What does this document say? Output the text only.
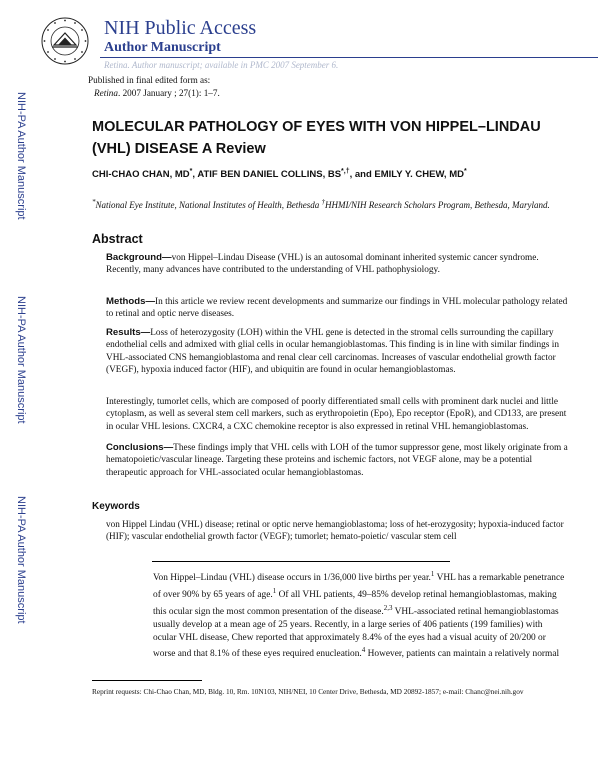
NIH Public Access
Author Manuscript
Retina. Author manuscript; available in PMC 2007 September 6.
NIH-PA Author Manuscript
NIH-PA Author Manuscript
NIH-PA Author Manuscript
Published in final edited form as:
Retina. 2007 January ; 27(1): 1–7.
MOLECULAR PATHOLOGY OF EYES WITH VON HIPPEL–LINDAU (VHL) DISEASE A Review
CHI-CHAO CHAN, MD*, ATIF BEN DANIEL COLLINS, BS*,†, and EMILY Y. CHEW, MD*
*National Eye Institute, National Institutes of Health, Bethesda †HHMI/NIH Research Scholars Program, Bethesda, Maryland.
Abstract
Background—von Hippel–Lindau Disease (VHL) is an autosomal dominant inherited systemic cancer syndrome. Recently, many advances have contributed to the understanding of VHL pathophysiology.
Methods—In this article we review recent developments and summarize our findings in VHL molecular pathology related to retinal and optic nerve diseases.
Results—Loss of heterozygosity (LOH) within the VHL gene is detected in the stromal cells surrounding the capillary endothelial cells and admixed with glial cells in ocular hemangioblastomas. This finding is in line with similar findings in VHL-associated CNS hemangioblastoma and renal clear cell carcinomas. Increases of vascular endothelial growth factor (VEGF), hypoxia induced factor (HIF), and ubiquitin are found in ocular hemangioblastomas.
Interestingly, tumorlet cells, which are composed of poorly differentiated small cells with prominent dark nuclei and little cytoplasm, as well as several stem cell markers, such as erythropoietin (Epo), Epo receptor (EpoR), and CD133, are present in ocular VHL lesions. CXCR4, a CXC chemokine receptor is also expressed in retinal VHL hemangioblastomas.
Conclusions—These findings imply that VHL cells with LOH of the tumor suppressor gene, most likely originate from a hematopoietic/vascular lineage. Targeting these proteins and ischemic factors, not VEGF alone, may be a potential therapeutic approach for VHL-associated ocular hemangioblastomas.
Keywords
von Hippel Lindau (VHL) disease; retinal or optic nerve hemangioblastoma; loss of het-erozygosity; hypoxia-induced factor (HIF); vascular endothelial growth factor (VEGF); tumorlet; hemato-poietic/ vascular stem cell
Von Hippel–Lindau (VHL) disease occurs in 1/36,000 live births per year.$^1$ VHL has a remarkable penetrance of over 90% by 65 years of age.$^1$ Of all VHL patients, 49–85% develop retinal hemangioblastomas, making this ocular sign the most common presentation of the disease.$^{2,3}$ VHL-associated retinal hemangioblastomas usually develop at a mean age of 25 years. Recently, in a large series of 406 patients (199 families) with ocular VHL disease, Chew reported that approximately 8.4% of the eyes had a visual acuity of 20/200 or worse and that 8.1% of these eyes required enucleation.$^4$ However, patients can maintain a relatively normal
Reprint requests: Chi-Chao Chan, MD, Bldg. 10, Rm. 10N103, NIH/NEI, 10 Center Drive, Bethesda, MD 20892-1857; e-mail: Chanc@nei.nih.gov
